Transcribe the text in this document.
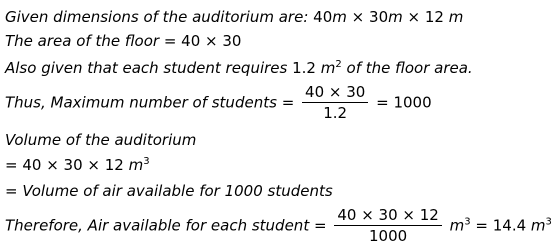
Given dimensions of the auditorium are: 40m × 30m × 12 m
The area of the floor = 40 × 30
Also given that each student requires 1.2 $m^2$ of the floor area.
Thus, Maximum number of students = $\frac{40 \times 30}{1.2} = 1000$
Volume of the auditorium
= 40 × 30 × 12 $m^3$
= Volume of air available for 1000 students
Therefore, Air available for each student = $\frac{40 \times 30 \times 12}{1000} m^3 = 14.4$ $m^3$
